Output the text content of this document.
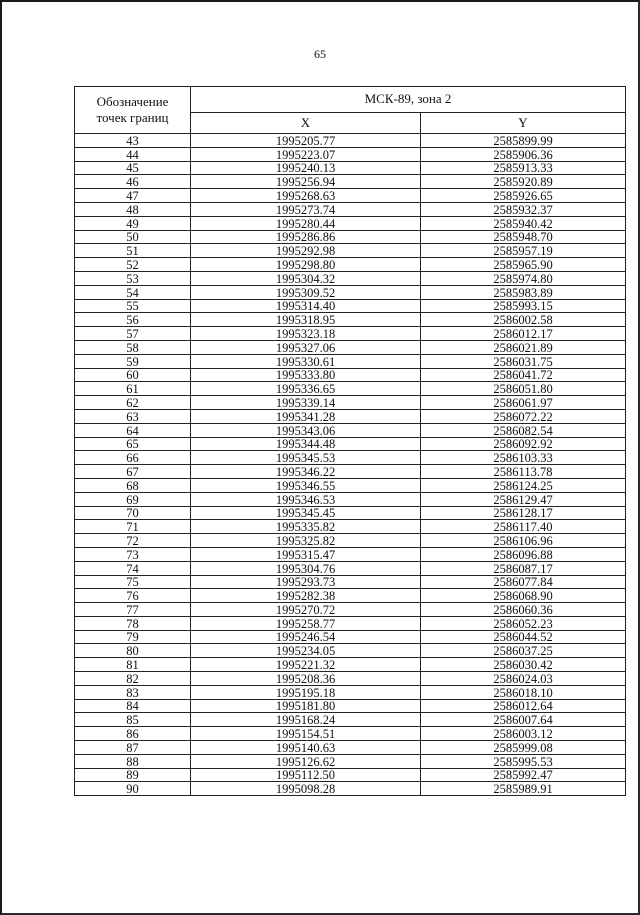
65
Обозначение
точек границ	МСК-89, зона 2	
	X	Y
43	1995205.77	2585899.99
44	1995223.07	2585906.36
45	1995240.13	2585913.33
46	1995256.94	2585920.89
47	1995268.63	2585926.65
48	1995273.74	2585932.37
49	1995280.44	2585940.42
50	1995286.86	2585948.70
51	1995292.98	2585957.19
52	1995298.80	2585965.90
53	1995304.32	2585974.80
54	1995309.52	2585983.89
55	1995314.40	2585993.15
56	1995318.95	2586002.58
57	1995323.18	2586012.17
58	1995327.06	2586021.89
59	1995330.61	2586031.75
60	1995333.80	2586041.72
61	1995336.65	2586051.80
62	1995339.14	2586061.97
63	1995341.28	2586072.22
64	1995343.06	2586082.54
65	1995344.48	2586092.92
66	1995345.53	2586103.33
67	1995346.22	2586113.78
68	1995346.55	2586124.25
69	1995346.53	2586129.47
70	1995345.45	2586128.17
71	1995335.82	2586117.40
72	1995325.82	2586106.96
73	1995315.47	2586096.88
74	1995304.76	2586087.17
75	1995293.73	2586077.84
76	1995282.38	2586068.90
77	1995270.72	2586060.36
78	1995258.77	2586052.23
79	1995246.54	2586044.52
80	1995234.05	2586037.25
81	1995221.32	2586030.42
82	1995208.36	2586024.03
83	1995195.18	2586018.10
84	1995181.80	2586012.64
85	1995168.24	2586007.64
86	1995154.51	2586003.12
87	1995140.63	2585999.08
88	1995126.62	2585995.53
89	1995112.50	2585992.47
90	1995098.28	2585989.91
